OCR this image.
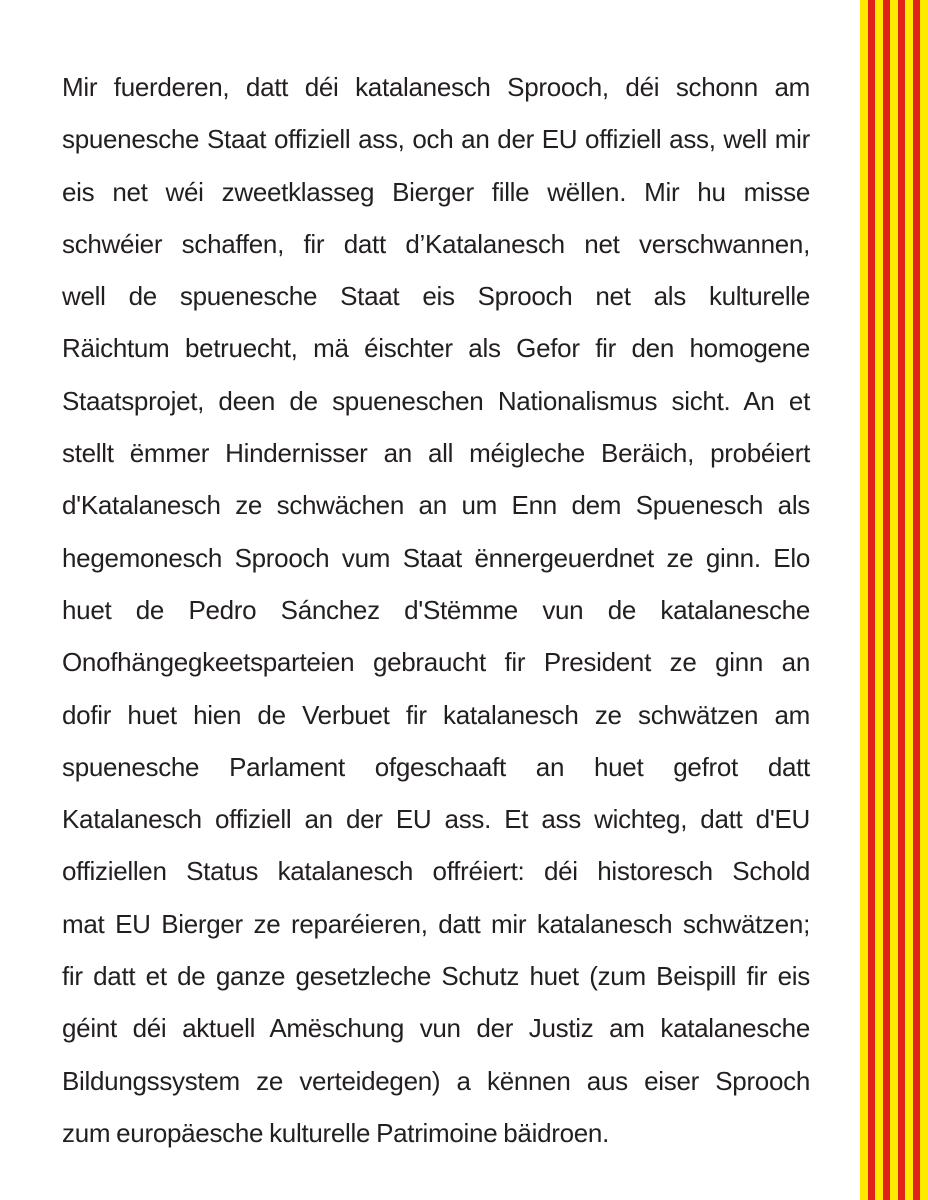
Mir fuerderen, datt déi katalanesch Sprooch, déi schonn am
spuenesche Staat offiziell ass, och an der EU offiziell ass, well mir
eis net wéi zweetklasseg Bierger fille wëllen. Mir hu misse
schwéier schaffen, fir datt d’Katalanesch net verschwannen,
well de spuenesche Staat eis Sprooch net als kulturelle
Räichtum betruecht, mä éischter als Gefor fir den homogene
Staatsprojet, deen de spueneschen Nationalismus sicht. An et
stellt ëmmer Hindernisser an all méigleche Beräich, probéiert
d'Katalanesch ze schwächen an um Enn dem Spuenesch als
hegemonesch Sprooch vum Staat ënnergeuerdnet ze ginn. Elo
huet de Pedro Sánchez d'Stëmme vun de katalanesche
Onofhängegkeetsparteien gebraucht fir President ze ginn an
dofir huet hien de Verbuet fir katalanesch ze schwätzen am
spuenesche Parlament ofgeschaaft an huet gefrot datt
Katalanesch offiziell an der EU ass. Et ass wichteg, datt d'EU
offiziellen Status katalanesch offréiert: déi historesch Schold
mat EU Bierger ze reparéieren, datt mir katalanesch schwätzen;
fir datt et de ganze gesetzleche Schutz huet (zum Beispill fir eis
géint déi aktuell Amëschung vun der Justiz am katalanesche
Bildungssystem ze verteidegen) a kënnen aus eiser Sprooch
zum europäesche kulturelle Patrimoine bäidroen.
